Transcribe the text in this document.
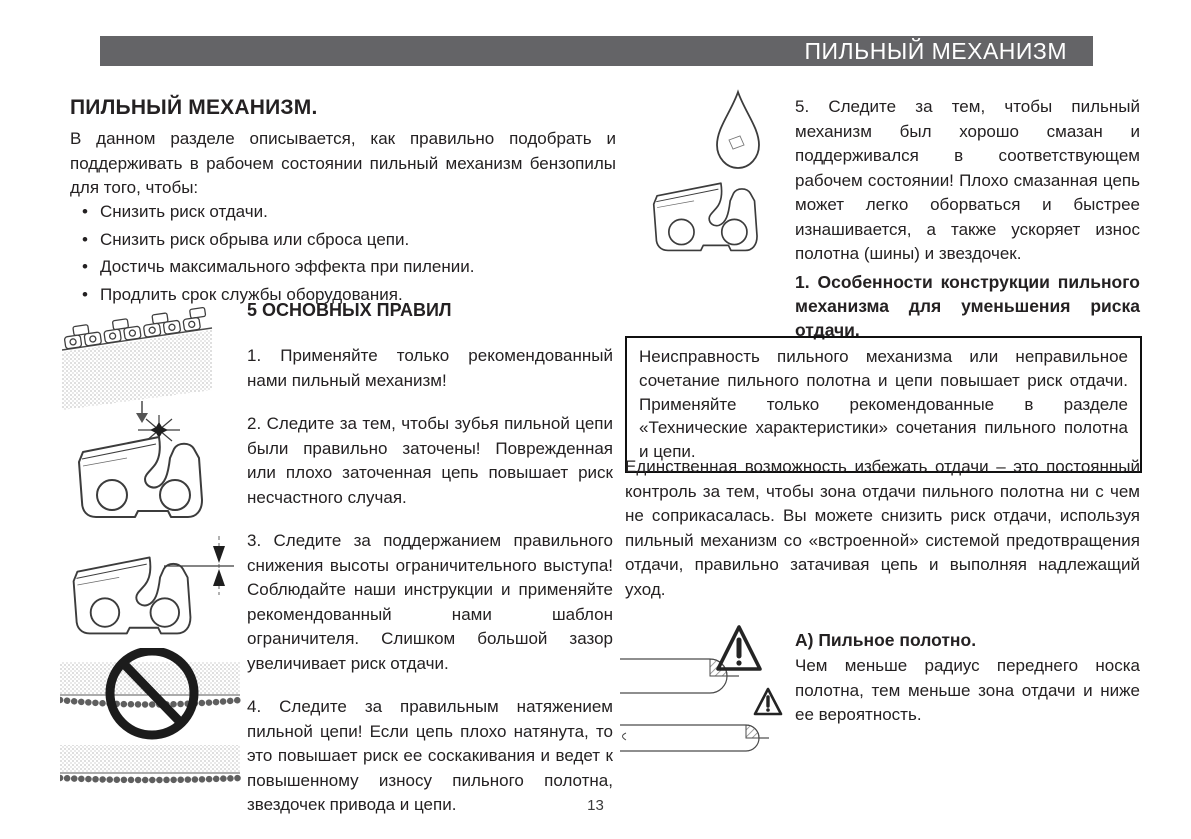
ПИЛЬНЫЙ МЕХАНИЗМ
ПИЛЬНЫЙ МЕХАНИЗМ.
В данном разделе описывается, как правильно подобрать и поддерживать в рабочем состоянии пильный механизм бензопилы для того, чтобы:
• Снизить риск отдачи.
• Снизить риск обрыва или сброса цепи.
• Достичь максимального эффекта при пилении.
• Продлить срок службы оборудования.
5 ОСНОВНЫХ ПРАВИЛ
1. Применяйте только рекомендованный нами пильный механизм!
2. Следите за тем, чтобы зубья пильной цепи были правильно заточены! Поврежденная или плохо заточенная цепь повышает риск несчастного случая.
3. Следите за поддержанием правильного снижения высоты ограничительного выступа! Соблюдайте наши инструкции и применяйте рекомендованный нами шаблон ограничителя. Слишком большой зазор увеличивает риск отдачи.
4. Следите за правильным натяжением пильной цепи! Если цепь плохо натянута, то это повышает риск ее соскакивания и ведет к повышенному износу пильного полотна, звездочек привода и цепи.
5. Следите за тем, чтобы пильный механизм был хорошо смазан и поддерживался в соответствующем рабочем состоянии! Плохо смазанная цепь может легко оборваться и быстрее изнашивается, а также ускоряет износ полотна (шины) и звездочек.
1. Особенности конструкции пильного механизма для уменьшения риска отдачи.
Неисправность пильного механизма или неправильное сочетание пильного полотна и цепи повышает риск отдачи. Применяйте только рекомендованные в разделе «Технические характеристики» сочетания пильного полотна и цепи.
Единственная возможность избежать отдачи – это постоянный контроль за тем, чтобы зона отдачи пильного полотна ни с чем не соприкасалась. Вы можете снизить риск отдачи, используя пильный механизм со «встроенной» системой предотвращения отдачи, правильно затачивая цепь и выполняя надлежащий уход.
А) Пильное полотно.
Чем меньше радиус переднего носка полотна, тем меньше зона отдачи и ниже ее вероятность.
13
